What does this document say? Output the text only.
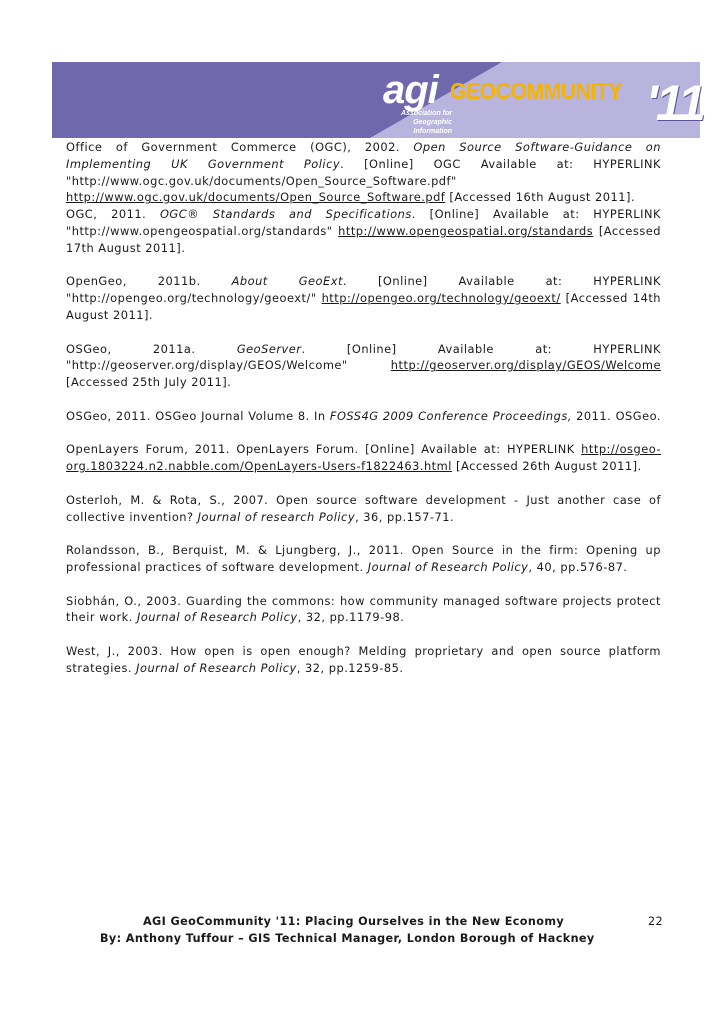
agi GEOCOMMUNITY '11
Association for
Geographic Information

Office of Government Commerce (OGC), 2002. Open Source Software-Guidance on Implementing UK Government Policy. [Online] OGC Available at: HYPERLINK "http://www.ogc.gov.uk/documents/Open_Source_Software.pdf" http://www.ogc.gov.uk/documents/Open_Source_Software.pdf [Accessed 16th August 2011].

OGC, 2011. OGC® Standards and Specifications. [Online] Available at: HYPERLINK "http://www.opengeospatial.org/standards" http://www.opengeospatial.org/standards [Accessed 17th August 2011].

OpenGeo, 2011b. About GeoExt. [Online] Available at: HYPERLINK "http://opengeo.org/technology/geoext/" http://opengeo.org/technology/geoext/ [Accessed 14th August 2011].

OSGeo, 2011a. GeoServer. [Online] Available at: HYPERLINK "http://geoserver.org/display/GEOS/Welcome" http://geoserver.org/display/GEOS/Welcome [Accessed 25th July 2011].

OSGeo, 2011. OSGeo Journal Volume 8. In FOSS4G 2009 Conference Proceedings, 2011. OSGeo.

OpenLayers Forum, 2011. OpenLayers Forum. [Online] Available at: HYPERLINK http://osgeo-org.1803224.n2.nabble.com/OpenLayers-Users-f1822463.html [Accessed 26th August 2011].

Osterloh, M. & Rota, S., 2007. Open source software development - Just another case of collective invention? Journal of research Policy, 36, pp.157-71.

Rolandsson, B., Berquist, M. & Ljungberg, J., 2011. Open Source in the firm: Opening up professional practices of software development. Journal of Research Policy, 40, pp.576-87.

Siobhán, O., 2003. Guarding the commons: how community managed software projects protect their work. Journal of Research Policy, 32, pp.1179-98.

West, J., 2003. How open is open enough? Melding proprietary and open source platform strategies. Journal of Research Policy, 32, pp.1259-85.

AGI GeoCommunity '11: Placing Ourselves in the New Economy	22
By: Anthony Tuffour – GIS Technical Manager, London Borough of Hackney
